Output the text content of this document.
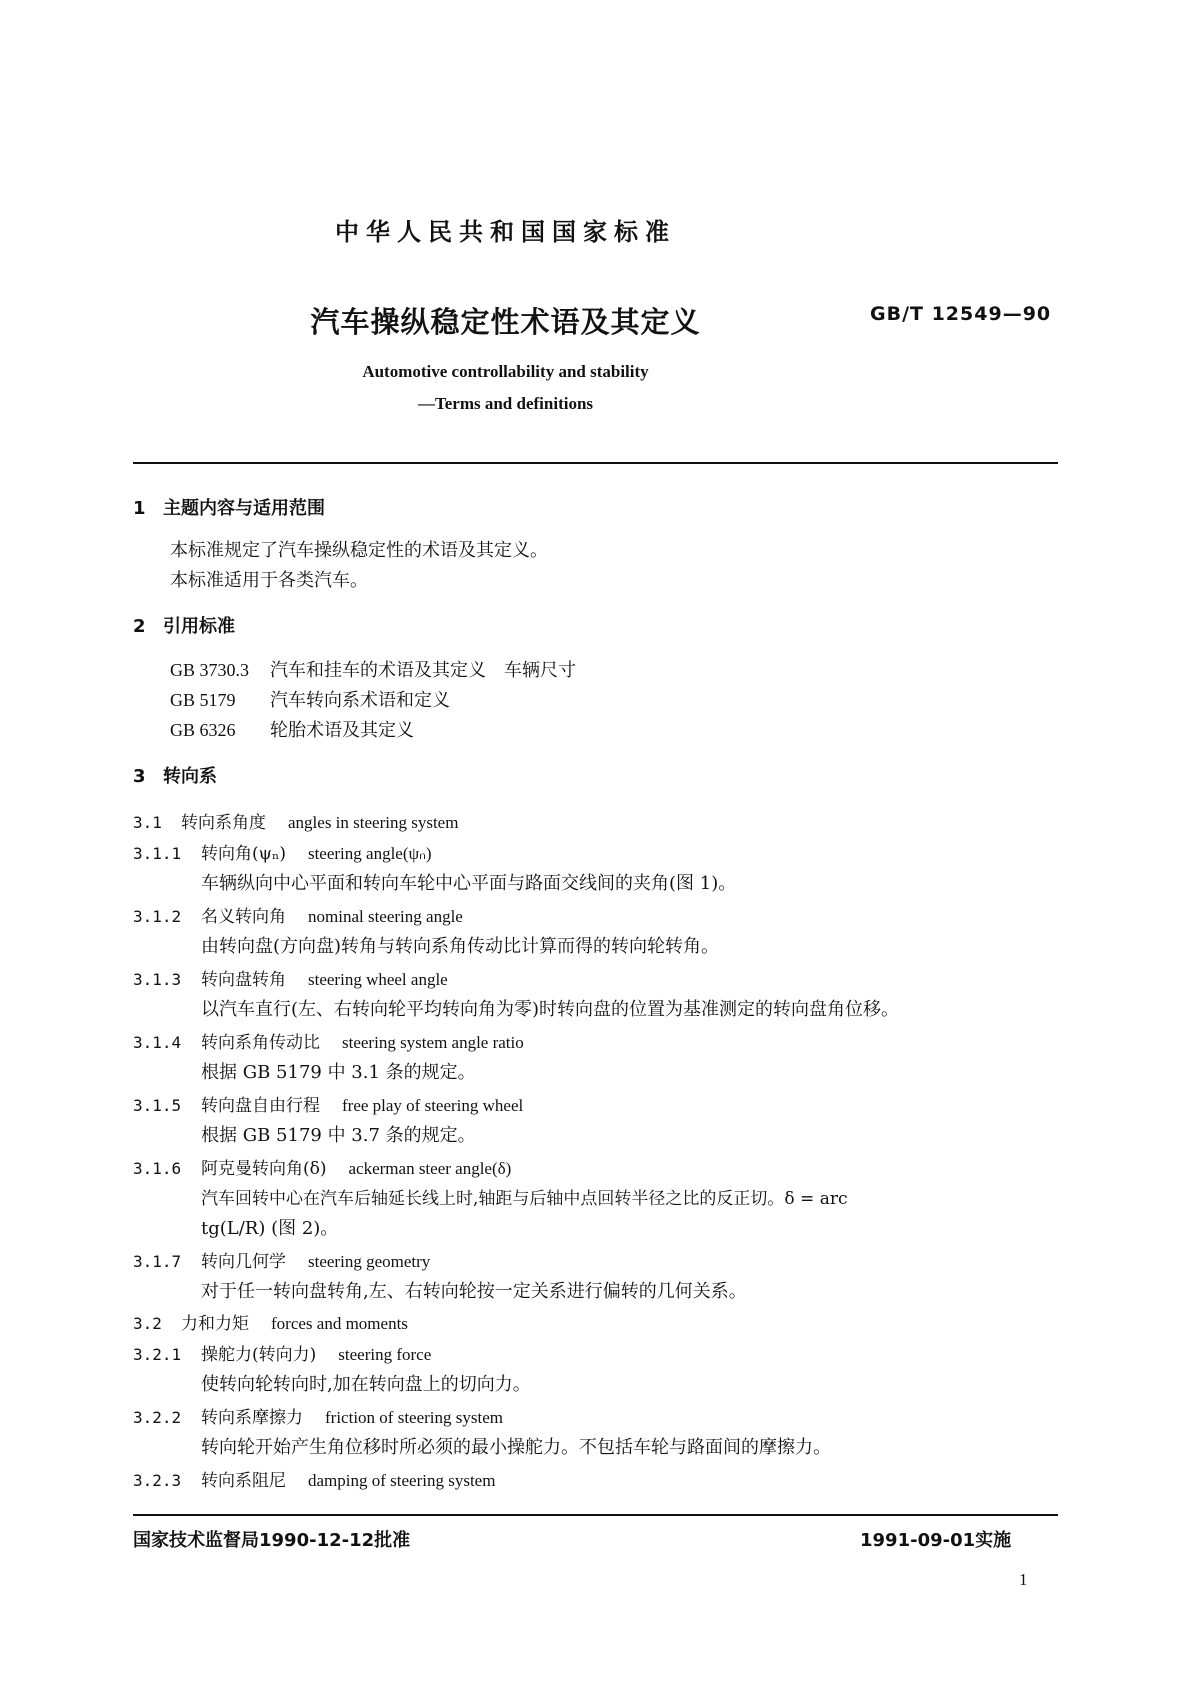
中华人民共和国国家标准
汽车操纵稳定性术语及其定义	GB/T 12549—90
Automotive controllability and stability
—Terms and definitions
1 主题内容与适用范围
本标准规定了汽车操纵稳定性的术语及其定义。
本标准适用于各类汽车。
2 引用标准
GB 3730.3 汽车和挂车的术语及其定义　车辆尺寸
GB 5179 汽车转向系术语和定义
GB 6326 轮胎术语及其定义
3 转向系
3.1 转向系角度 angles in steering system
3.1.1 转向角(ψₙ) steering angle(ψₙ)
车辆纵向中心平面和转向车轮中心平面与路面交线间的夹角(图 1)。
3.1.2 名义转向角 nominal steering angle
由转向盘(方向盘)转角与转向系角传动比计算而得的转向轮转角。
3.1.3 转向盘转角 steering wheel angle
以汽车直行(左、右转向轮平均转向角为零)时转向盘的位置为基准测定的转向盘角位移。
3.1.4 转向系角传动比 steering system angle ratio
根据 GB 5179 中 3.1 条的规定。
3.1.5 转向盘自由行程 free play of steering wheel
根据 GB 5179 中 3.7 条的规定。
3.1.6 阿克曼转向角(δ) ackerman steer angle(δ)
汽车回转中心在汽车后轴延长线上时,轴距与后轴中点回转半径之比的反正切。δ = arc
tg(L/R) (图 2)。
3.1.7 转向几何学 steering geometry
对于任一转向盘转角,左、右转向轮按一定关系进行偏转的几何关系。
3.2 力和力矩 forces and moments
3.2.1 操舵力(转向力) steering force
使转向轮转向时,加在转向盘上的切向力。
3.2.2 转向系摩擦力 friction of steering system
转向轮开始产生角位移时所必须的最小操舵力。不包括车轮与路面间的摩擦力。
3.2.3 转向系阻尼 damping of steering system
国家技术监督局1990-12-12批准	1991-09-01实施
1
